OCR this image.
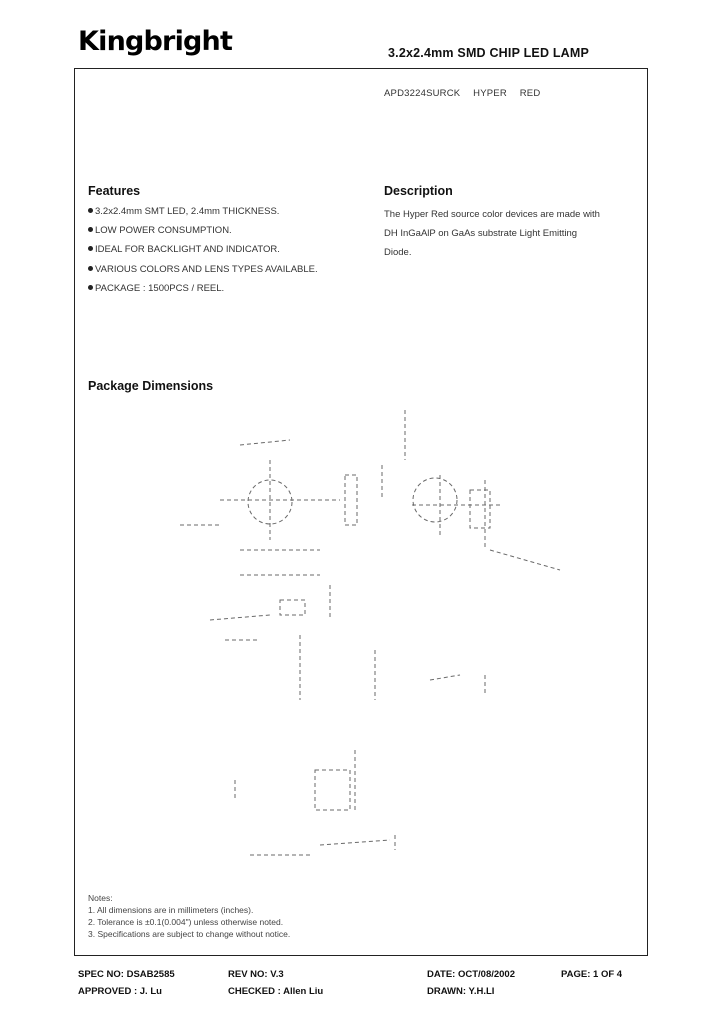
Kingbright	3.2x2.4mm SMD CHIP LED LAMP
APD3224SURCK HYPER RED
Features
3.2x2.4mm SMT LED, 2.4mm THICKNESS.
LOW POWER CONSUMPTION.
IDEAL FOR BACKLIGHT AND INDICATOR.
VARIOUS COLORS AND LENS TYPES AVAILABLE.
PACKAGE : 1500PCS / REEL.
Description
The Hyper Red source color devices are made with
DH InGaAlP on GaAs substrate Light Emitting
Diode.
Package Dimensions
Notes:
1. All dimensions are in millimeters (inches).
2. Tolerance is ±0.1(0.004") unless otherwise noted.
3. Specifications are subject to change without notice.
SPEC NO: DSAB2585	REV NO: V.3	DATE: OCT/08/2002	PAGE: 1 OF 4
APPROVED : J. Lu	CHECKED : Allen Liu	DRAWN: Y.H.LI
